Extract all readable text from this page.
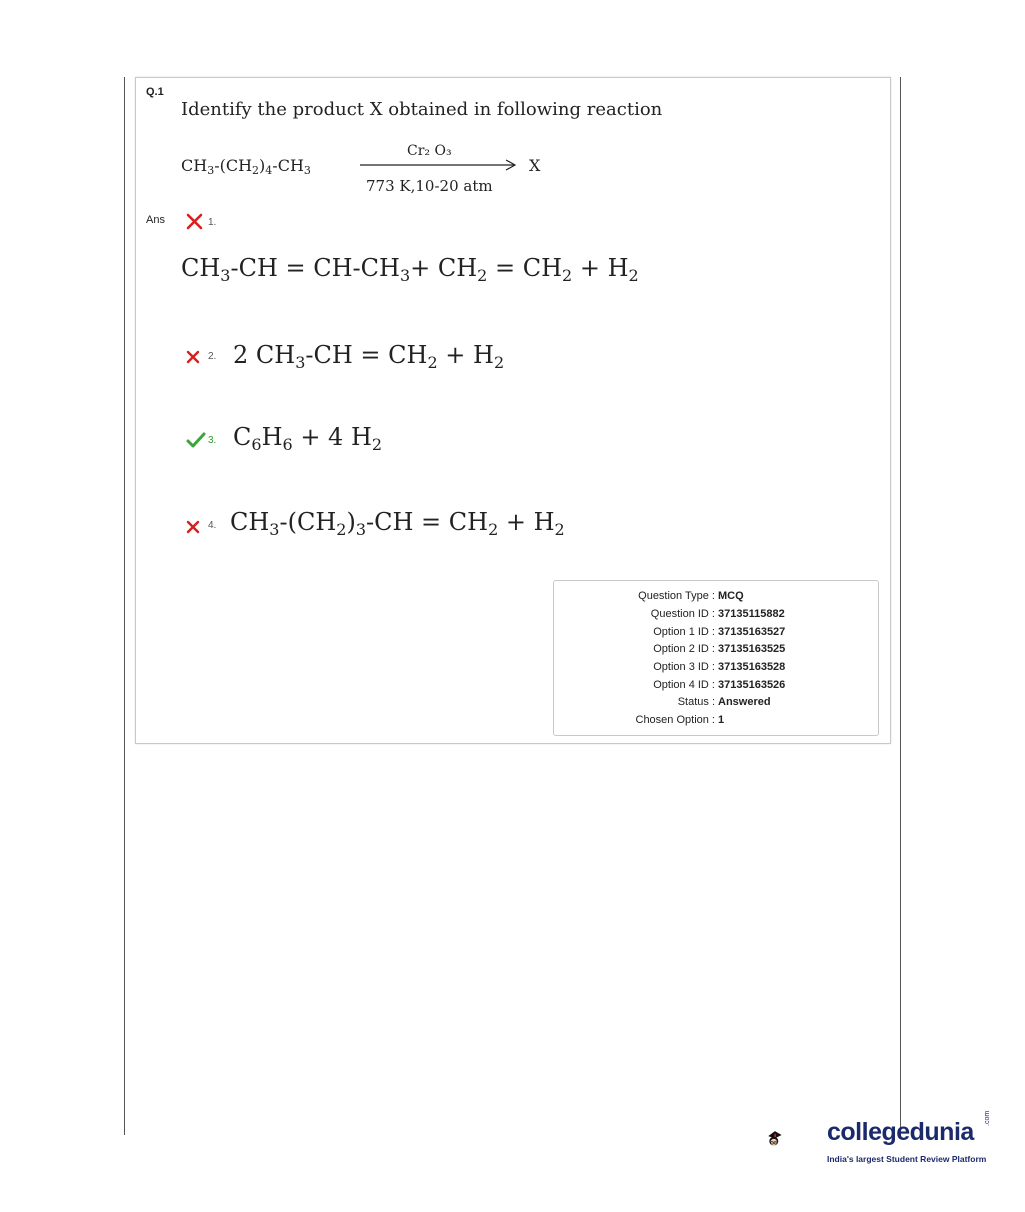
Q.1
Identify the product X obtained in following reaction
$CH_3-(CH_2)_4-CH_3$
Cr₂ O₃
773 K,10-20 atm
X
Ans	1.
$CH_3-CH = CH-CH_3+ CH_2 = CH_2 + H_2$
2. 2 $CH_3-CH = CH_2 + H_2$
3. $C_6H_6 + 4$ $H_2$
4. $CH_3-(CH_2)_3-CH = CH_2 + H_2$
Question Type : MCQ
Question ID : 37135115882
Option 1 ID : 37135163527
Option 2 ID : 37135163525
Option 3 ID : 37135163528
Option 4 ID : 37135163526
Status : Answered
Chosen Option : 1
collegedunia .com
India's largest Student Review Platform
